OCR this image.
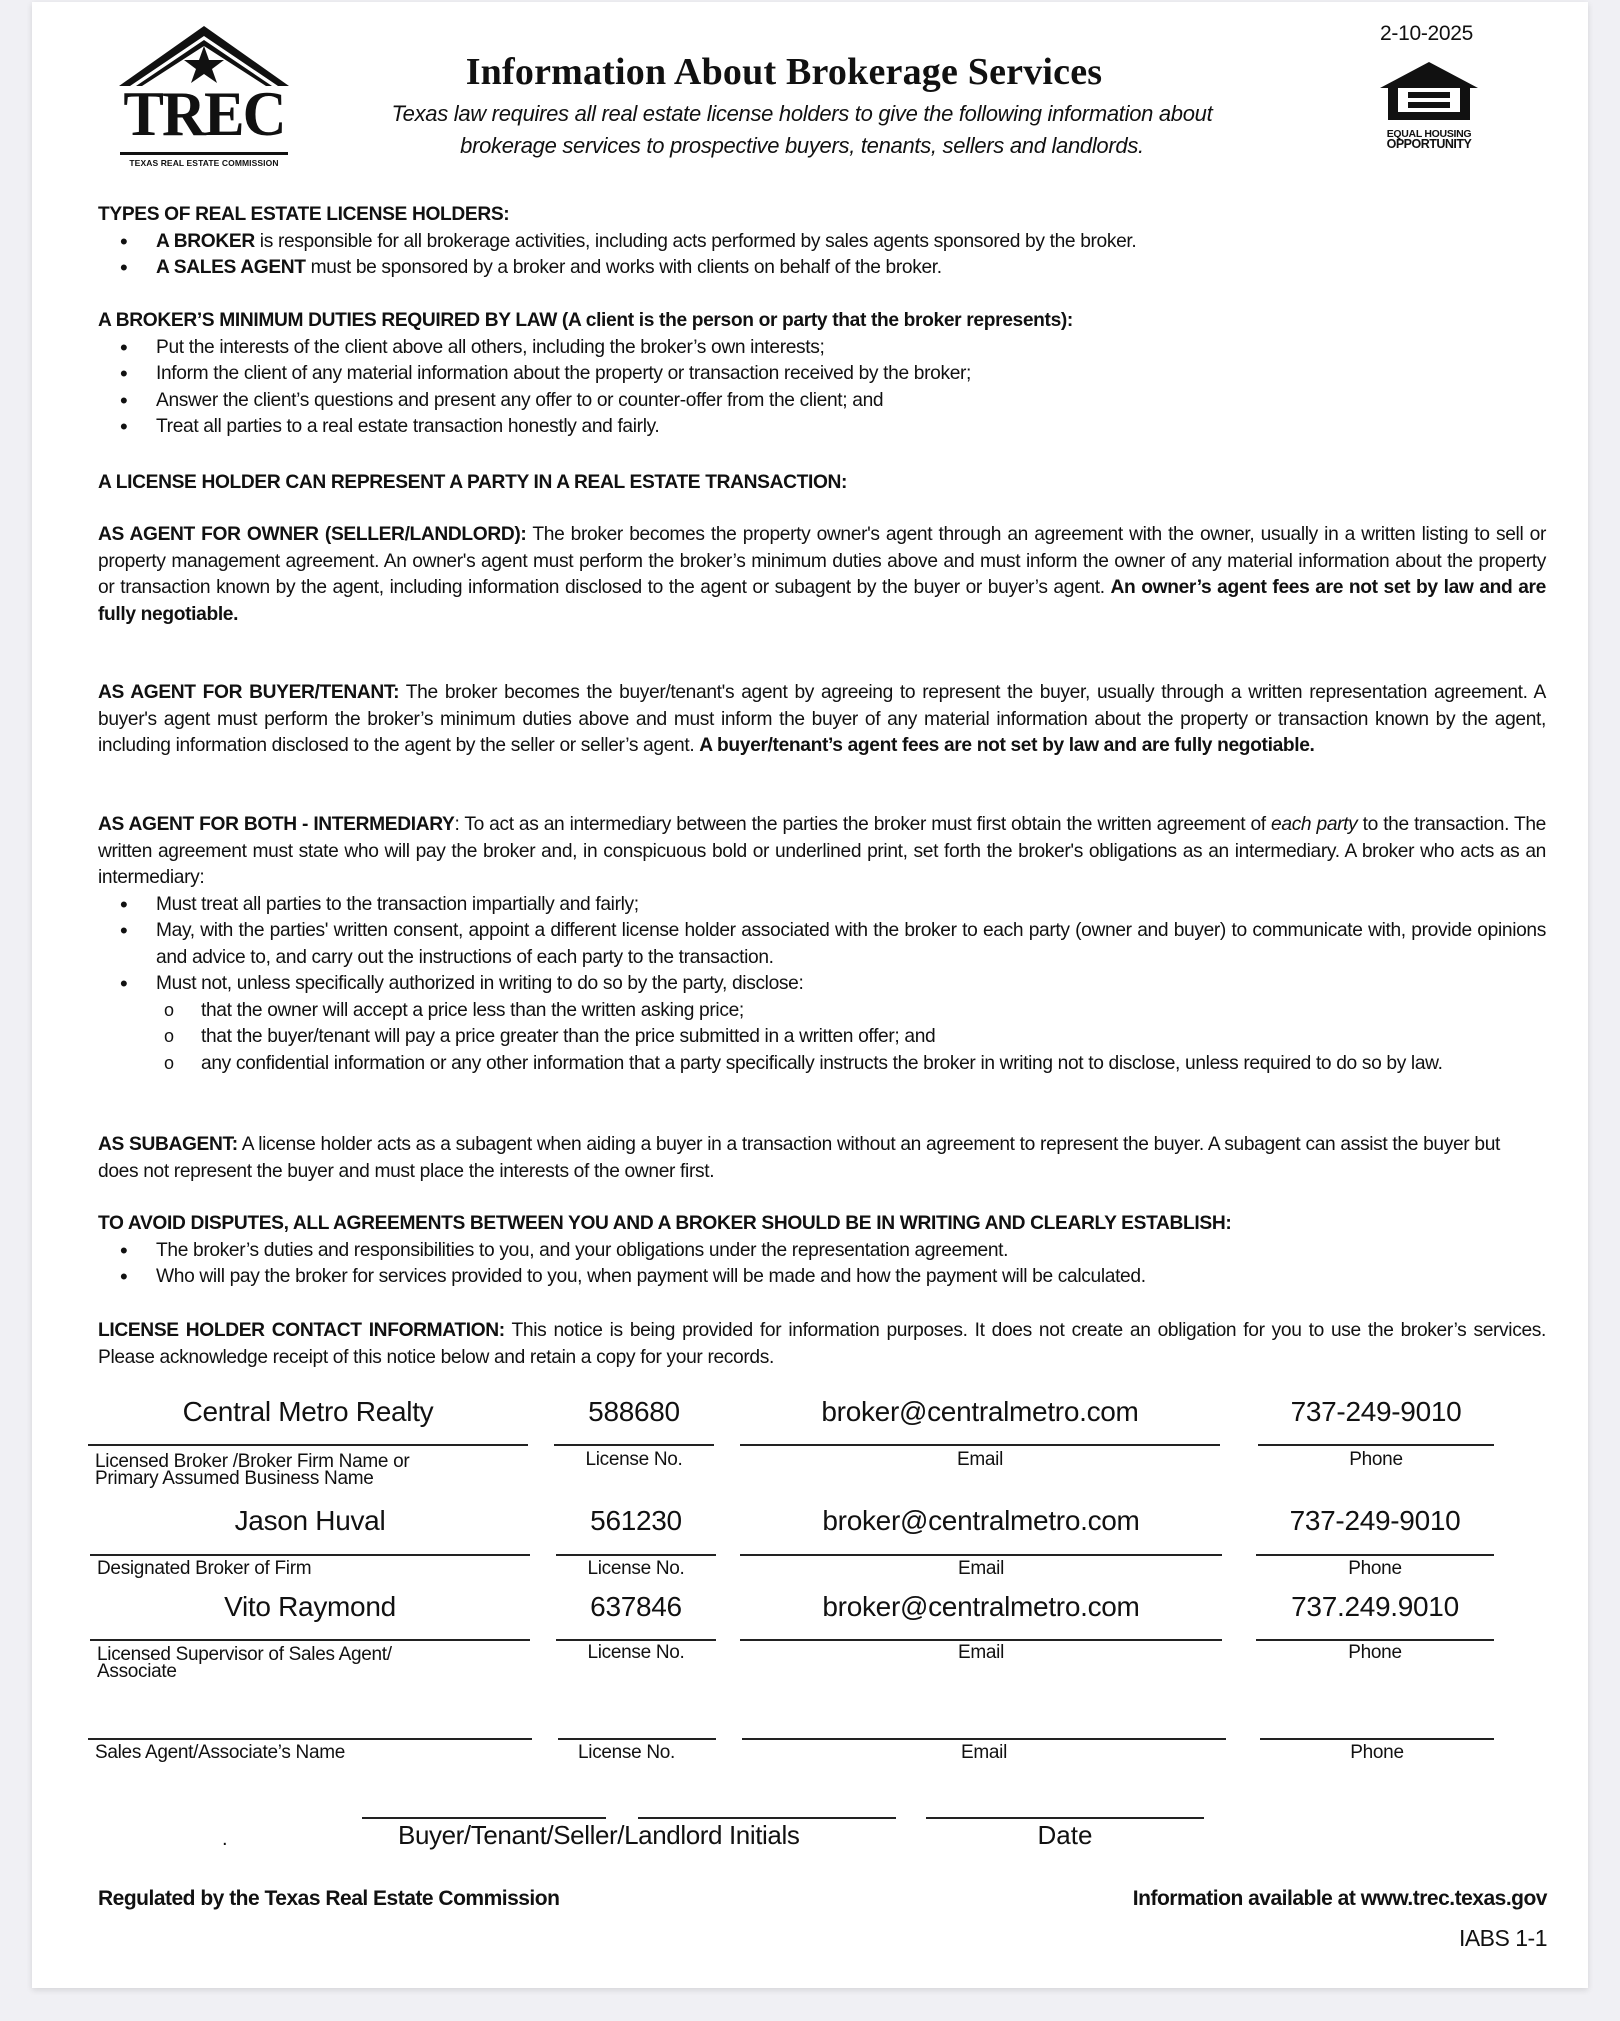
TREC
TEXAS REAL ESTATE COMMISSION
Information About Brokerage Services
Texas law requires all real estate license holders to give the following information about
brokerage services to prospective buyers, tenants, sellers and landlords.
2-10-2025
EQUAL HOUSING
OPPORTUNITY
TYPES OF REAL ESTATE LICENSE HOLDERS:
• A BROKER is responsible for all brokerage activities, including acts performed by sales agents sponsored by the broker.
• A SALES AGENT must be sponsored by a broker and works with clients on behalf of the broker.
A BROKER’S MINIMUM DUTIES REQUIRED BY LAW (A client is the person or party that the broker represents):
• Put the interests of the client above all others, including the broker’s own interests;
• Inform the client of any material information about the property or transaction received by the broker;
• Answer the client’s questions and present any offer to or counter-offer from the client; and
• Treat all parties to a real estate transaction honestly and fairly.
A LICENSE HOLDER CAN REPRESENT A PARTY IN A REAL ESTATE TRANSACTION:
AS AGENT FOR OWNER (SELLER/LANDLORD): The broker becomes the property owner's agent through an agreement with the owner, usually in a written listing to sell or property management agreement. An owner's agent must perform the broker’s minimum duties above and must inform the owner of any material information about the property or transaction known by the agent, including information disclosed to the agent or subagent by the buyer or buyer’s agent. An owner’s agent fees are not set by law and are fully negotiable.
AS AGENT FOR BUYER/TENANT: The broker becomes the buyer/tenant's agent by agreeing to represent the buyer, usually through a written representation agreement. A buyer's agent must perform the broker’s minimum duties above and must inform the buyer of any material information about the property or transaction known by the agent, including information disclosed to the agent by the seller or seller’s agent. A buyer/tenant’s agent fees are not set by law and are fully negotiable.
AS AGENT FOR BOTH - INTERMEDIARY: To act as an intermediary between the parties the broker must first obtain the written agreement of each party to the transaction. The written agreement must state who will pay the broker and, in conspicuous bold or underlined print, set forth the broker's obligations as an intermediary. A broker who acts as an intermediary:
• Must treat all parties to the transaction impartially and fairly;
• May, with the parties' written consent, appoint a different license holder associated with the broker to each party (owner and buyer) to communicate with, provide opinions and advice to, and carry out the instructions of each party to the transaction.
• Must not, unless specifically authorized in writing to do so by the party, disclose:
o that the owner will accept a price less than the written asking price;
o that the buyer/tenant will pay a price greater than the price submitted in a written offer; and
o any confidential information or any other information that a party specifically instructs the broker in writing not to disclose, unless required to do so by law.
AS SUBAGENT: A license holder acts as a subagent when aiding a buyer in a transaction without an agreement to represent the buyer. A subagent can assist the buyer but does not represent the buyer and must place the interests of the owner first.
TO AVOID DISPUTES, ALL AGREEMENTS BETWEEN YOU AND A BROKER SHOULD BE IN WRITING AND CLEARLY ESTABLISH:
• The broker’s duties and responsibilities to you, and your obligations under the representation agreement.
• Who will pay the broker for services provided to you, when payment will be made and how the payment will be calculated.
LICENSE HOLDER CONTACT INFORMATION: This notice is being provided for information purposes. It does not create an obligation for you to use the broker’s services. Please acknowledge receipt of this notice below and retain a copy for your records.
Central Metro Realty	588680	broker@centralmetro.com	737-249-9010
Licensed Broker /Broker Firm Name or
Primary Assumed Business Name
License No.	Email	Phone
Jason Huval	561230	broker@centralmetro.com	737-249-9010
Designated Broker of Firm	License No.	Email	Phone
Vito Raymond	637846	broker@centralmetro.com	737.249.9010
Licensed Supervisor of Sales Agent/
Associate
License No.	Email	Phone
Sales Agent/Associate’s Name	License No.	Email	Phone
Buyer/Tenant/Seller/Landlord Initials	Date
.
Regulated by the Texas Real Estate Commission	Information available at www.trec.texas.gov
IABS 1-1
